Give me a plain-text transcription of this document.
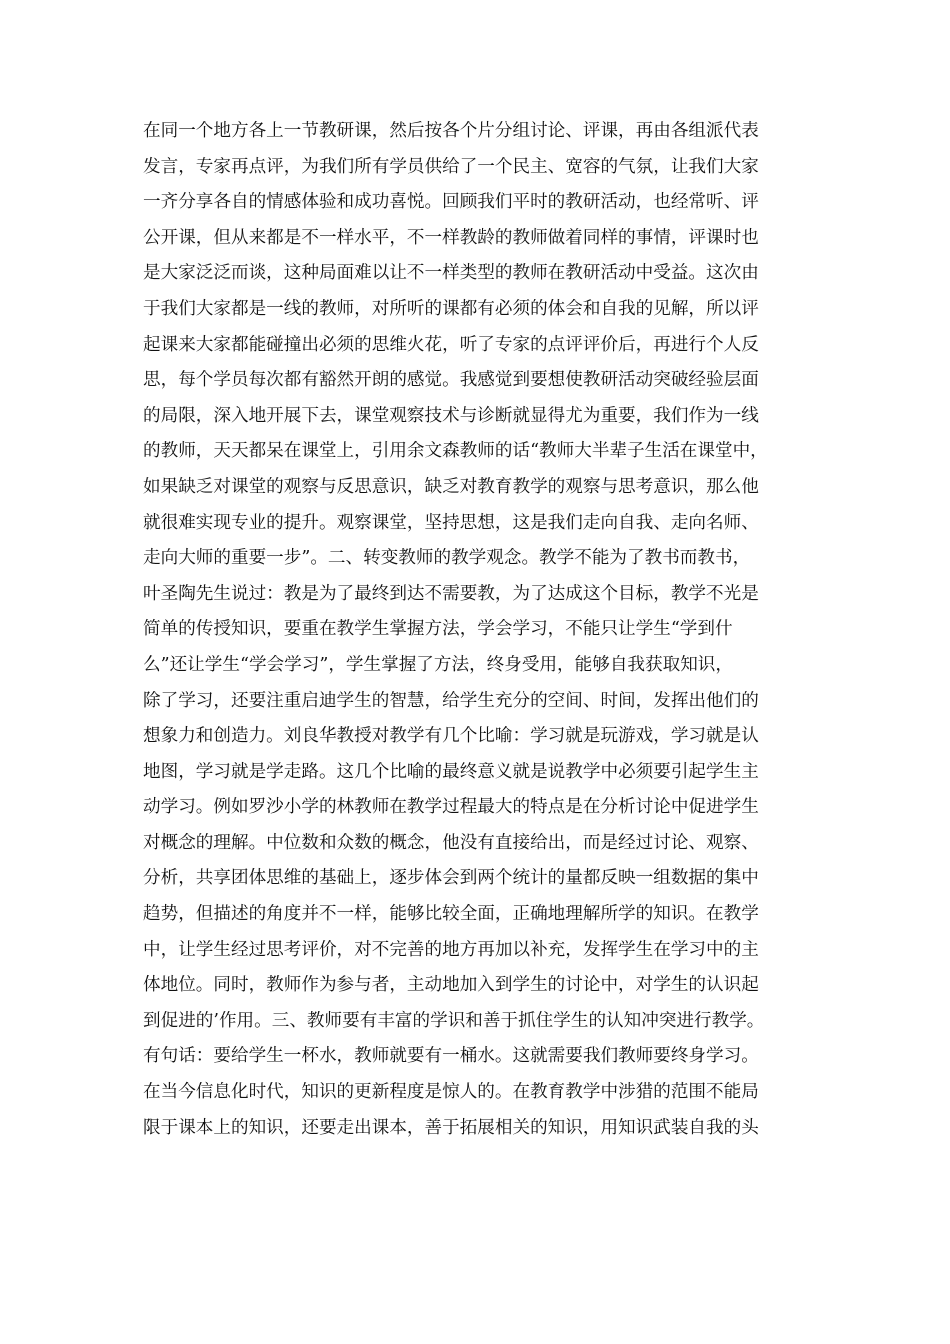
在同一个地方各上一节教研课，然后按各个片分组讨论、评课，再由各组派代表
发言，专家再点评，为我们所有学员供给了一个民主、宽容的气氛，让我们大家
一齐分享各自的情感体验和成功喜悦。回顾我们平时的教研活动，也经常听、评
公开课，但从来都是不一样水平，不一样教龄的教师做着同样的事情，评课时也
是大家泛泛而谈，这种局面难以让不一样类型的教师在教研活动中受益。这次由
于我们大家都是一线的教师，对所听的课都有必须的体会和自我的见解，所以评
起课来大家都能碰撞出必须的思维火花，听了专家的点评评价后，再进行个人反
思，每个学员每次都有豁然开朗的感觉。我感觉到要想使教研活动突破经验层面
的局限，深入地开展下去，课堂观察技术与诊断就显得尤为重要，我们作为一线
的教师，天天都呆在课堂上，引用余文森教师的话“教师大半辈子生活在课堂中，
如果缺乏对课堂的观察与反思意识，缺乏对教育教学的观察与思考意识，那么他
就很难实现专业的提升。观察课堂，坚持思想，这是我们走向自我、走向名师、
走向大师的重要一步”。二、转变教师的教学观念。教学不能为了教书而教书，
叶圣陶先生说过：教是为了最终到达不需要教，为了达成这个目标，教学不光是
简单的传授知识，要重在教学生掌握方法，学会学习，不能只让学生“学到什
么”还让学生“学会学习”，学生掌握了方法，终身受用，能够自我获取知识，
除了学习，还要注重启迪学生的智慧，给学生充分的空间、时间，发挥出他们的
想象力和创造力。刘良华教授对教学有几个比喻：学习就是玩游戏，学习就是认
地图，学习就是学走路。这几个比喻的最终意义就是说教学中必须要引起学生主
动学习。例如罗沙小学的林教师在教学过程最大的特点是在分析讨论中促进学生
对概念的理解。中位数和众数的概念，他没有直接给出，而是经过讨论、观察、
分析，共享团体思维的基础上，逐步体会到两个统计的量都反映一组数据的集中
趋势，但描述的角度并不一样，能够比较全面，正确地理解所学的知识。在教学
中，让学生经过思考评价，对不完善的地方再加以补充，发挥学生在学习中的主
体地位。同时，教师作为参与者，主动地加入到学生的讨论中，对学生的认识起
到促进的’作用。三、教师要有丰富的学识和善于抓住学生的认知冲突进行教学。
有句话：要给学生一杯水，教师就要有一桶水。这就需要我们教师要终身学习。
在当今信息化时代，知识的更新程度是惊人的。在教育教学中涉猎的范围不能局
限于课本上的知识，还要走出课本，善于拓展相关的知识，用知识武装自我的头
